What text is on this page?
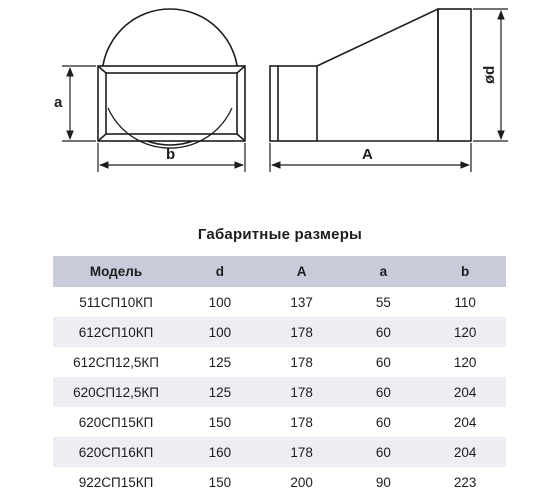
a
b	A
ød
Габаритные размеры
Модель	d	A	a	b
511СП10КП	100	137	55	110
612СП10КП	100	178	60	120
612СП12,5КП	125	178	60	120
620СП12,5КП	125	178	60	204
620СП15КП	150	178	60	204
620СП16КП	160	178	60	204
922СП15КП	150	200	90	223
